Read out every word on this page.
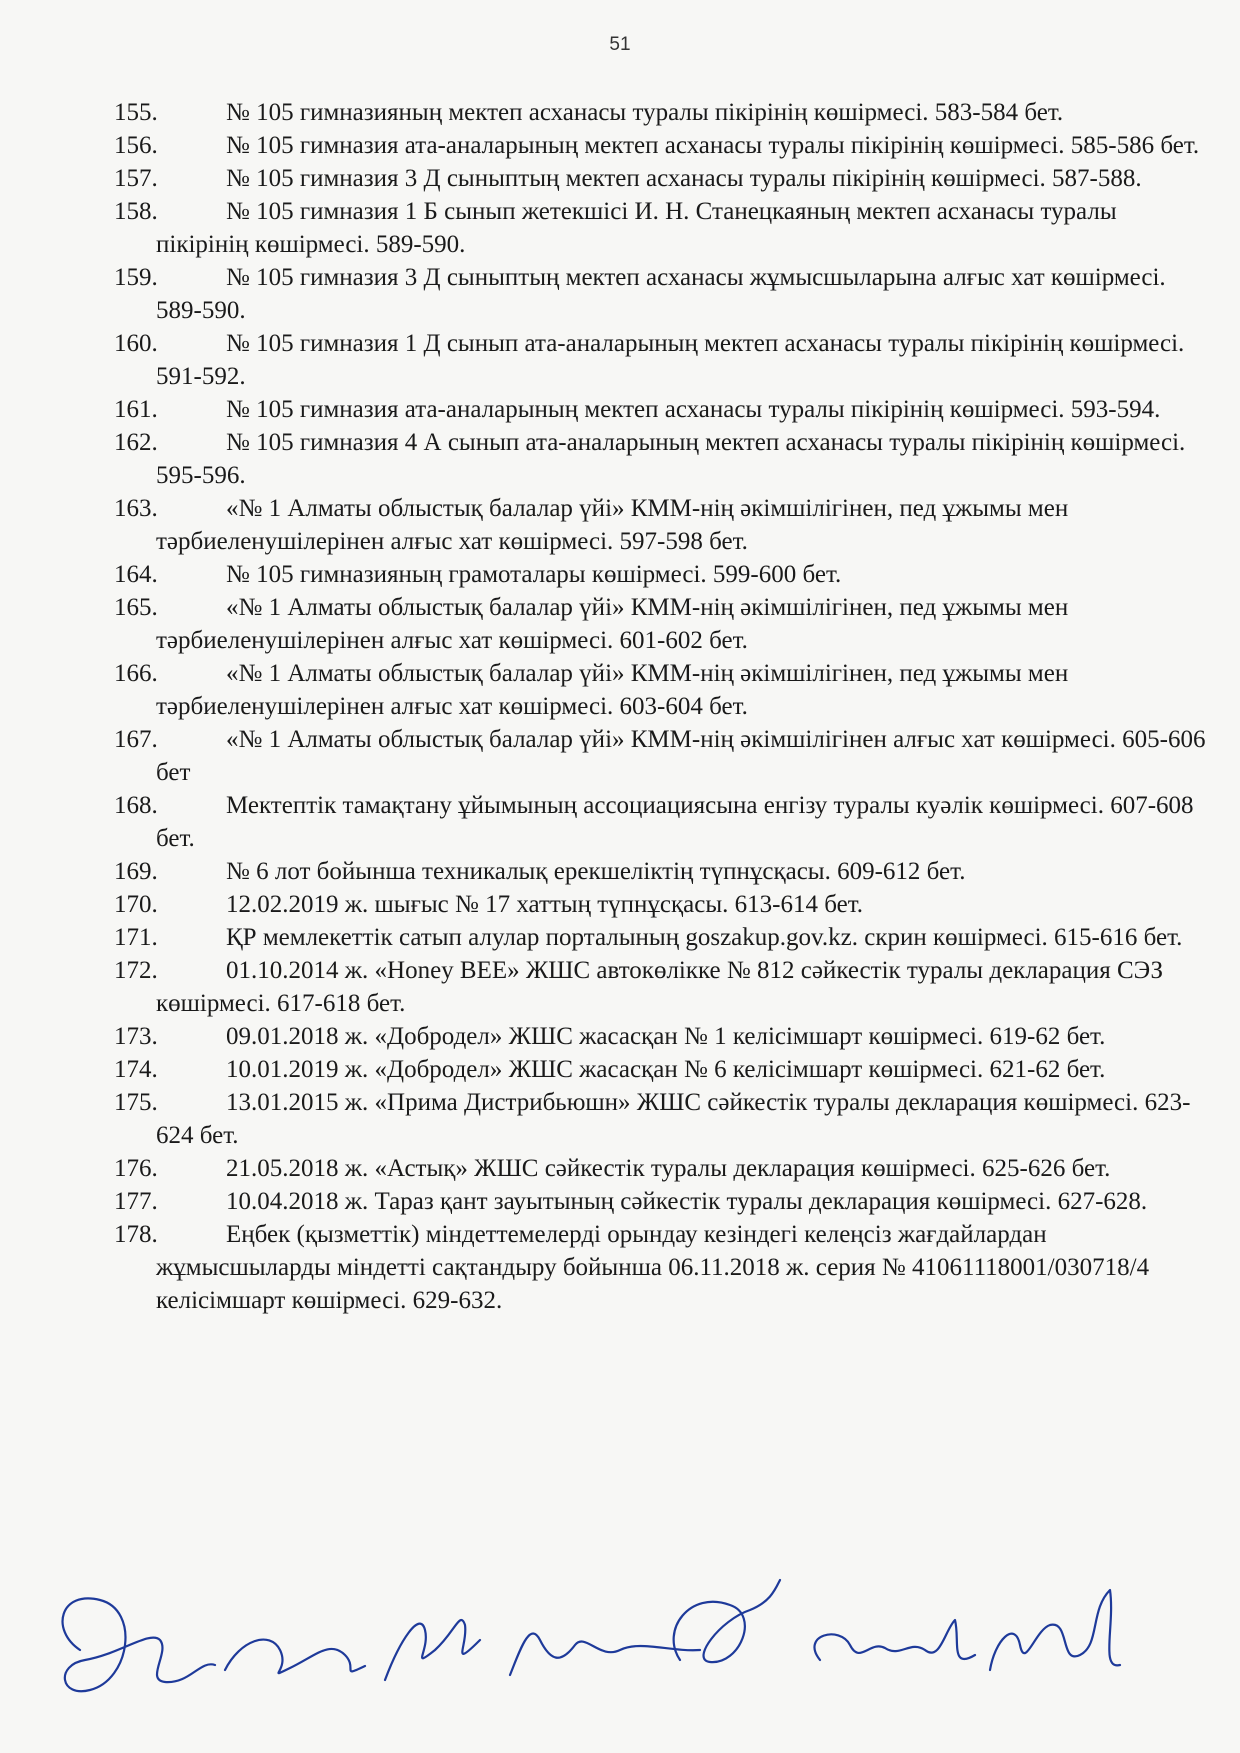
51
155.	№ 105 гимназияның мектеп асханасы туралы пікірінің көшірмесі. 583-584 бет.
156.	№ 105 гимназия ата-аналарының мектеп асханасы туралы пікірінің көшірмесі. 585-586 бет.
157.	№ 105 гимназия 3 Д сыныптың мектеп асханасы туралы пікірінің көшірмесі. 587-588.
158.	№ 105 гимназия 1 Б сынып жетекшісі И. Н. Станецкаяның мектеп асханасы туралы пікірінің көшірмесі. 589-590.
159.	№ 105 гимназия 3 Д сыныптың мектеп асханасы жұмысшыларына алғыс хат көшірмесі. 589-590.
160.	№ 105 гимназия 1 Д сынып ата-аналарының мектеп асханасы туралы пікірінің көшірмесі. 591-592.
161.	№ 105 гимназия ата-аналарының мектеп асханасы туралы пікірінің көшірмесі. 593-594.
162.	№ 105 гимназия 4 А сынып ата-аналарының мектеп асханасы туралы пікірінің көшірмесі. 595-596.
163.	«№ 1 Алматы облыстық балалар үйі» КММ-нің әкімшілігінен, пед ұжымы мен тәрбиеленушілерінен алғыс хат көшірмесі. 597-598 бет.
164.	№ 105 гимназияның грамоталары көшірмесі. 599-600 бет.
165.	«№ 1 Алматы облыстық балалар үйі» КММ-нің әкімшілігінен, пед ұжымы мен тәрбиеленушілерінен алғыс хат көшірмесі. 601-602 бет.
166.	«№ 1 Алматы облыстық балалар үйі» КММ-нің әкімшілігінен, пед ұжымы мен тәрбиеленушілерінен алғыс хат көшірмесі. 603-604 бет.
167.	«№ 1 Алматы облыстық балалар үйі» КММ-нің әкімшілігінен алғыс хат көшірмесі. 605-606 бет
168.	Мектептік тамақтану ұйымының ассоциациясына енгізу туралы куәлік көшірмесі. 607-608 бет.
169.	№ 6 лот бойынша техникалық ерекшеліктің түпнұсқасы. 609-612 бет.
170.	12.02.2019 ж. шығыс № 17 хаттың түпнұсқасы. 613-614 бет.
171.	ҚР мемлекеттік сатып алулар порталының goszakup.gov.kz. скрин көшірмесі. 615-616 бет.
172.	01.10.2014 ж. «Honey BEE» ЖШС автокөлікке № 812 сәйкестік туралы декларация СЭЗ көшірмесі. 617-618 бет.
173.	09.01.2018 ж. «Добродел» ЖШС жасасқан № 1 келісімшарт көшірмесі. 619-62 бет.
174.	10.01.2019 ж. «Добродел» ЖШС жасасқан № 6 келісімшарт көшірмесі. 621-62 бет.
175.	13.01.2015 ж. «Прима Дистрибьюшн» ЖШС сәйкестік туралы декларация көшірмесі. 623-624 бет.
176.	21.05.2018 ж. «Астық» ЖШС сәйкестік туралы декларация көшірмесі. 625-626 бет.
177.	10.04.2018 ж. Тараз қант зауытының сәйкестік туралы декларация көшірмесі. 627-628.
178.	Еңбек (қызметтік) міндеттемелерді орындау кезіндегі келеңсіз жағдайлардан жұмысшыларды міндетті сақтандыру бойынша 06.11.2018 ж. серия № 41061118001/030718/4 келісімшарт көшірмесі. 629-632.
